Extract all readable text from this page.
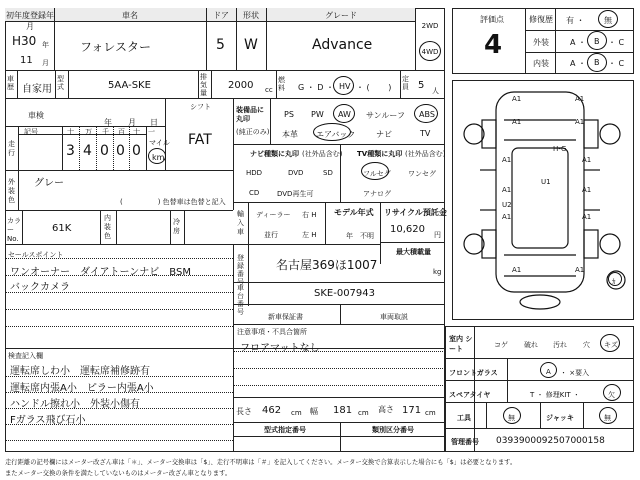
初年度登録年月
車名	ドア	形状	グレード
2WD
4WD
H30 年
11 月
フォレスター	5 W	Advance
車歴 自家用
型式	5AA-SKE
排気量
2000 cc
燃料	G ・ D ・ HV ・ (　　 )
定員 5 人
評価点
4
修復歴 有 ・ 無
外装	A ・ B ・ C
内装	A ・ B ・ C
車検
年 月 日
シフト
FAT
走行
記号	十 万 千 百 十 一
3 4 0 0 0 マイル
km
装備品に丸印
(純正のみ)
PS PW AW サンルーフ ABS
本革 エアバック	ナビ	TV
ナビ種類に丸印 (社外品含む)
HDD	DVD	SD
CD	DVD再生可
TV種類に丸印 (社外品含む)
フルセグ ワンセグ
アナログ
外装色
グレー
(　　　　　) 色替車は色替と記入
カラー No.
61K
内装色
冷房
輸入車
ディーラー
並行
右 H
左 H
モデル年式
年　不明
リサイクル預託金
10,620 円
最大積載量
kg
登録番号
名古屋369ほ1007
車台番号
SKE-007943
新車保証書	車両取説
セールスポイント
ワンオーナー　ダイアトーンナビ　BSM
バックカメラ
注意事項・不具合箇所
フロアマットなし
検査記入欄
運転席しわ小　運転席補修跡有
運転席内張A小　ピラー内張A小
ハンドル擦れ小　外装小傷有
Fガラス飛び石小
長さ 462 cm 幅 181 cm 高さ 171 cm
型式指定番号	類別区分番号
A1	A1
A1	A1
A1
A1
U1
U2
A1
A1
A1	A1
A1	A1
H-G
ｶ
室内 シート	コゲ 破れ 汚れ 穴 キズ
フロントガラス	A ・ ×要入
スペアタイヤ	T ・ 修理KIT ・	欠
工具	無	ジャッキ	無
管理番号 0393900092507000158
走行距離の記号欄にはメーター改ざん車は「＊」、メーター交換車は「$」、走行不明車は「＃」を記入してください。メーター交換で合算表示した場合にも「$」は必要となります。
またメーター交換の条件を満たしていないものはメーター改ざん車となります。
